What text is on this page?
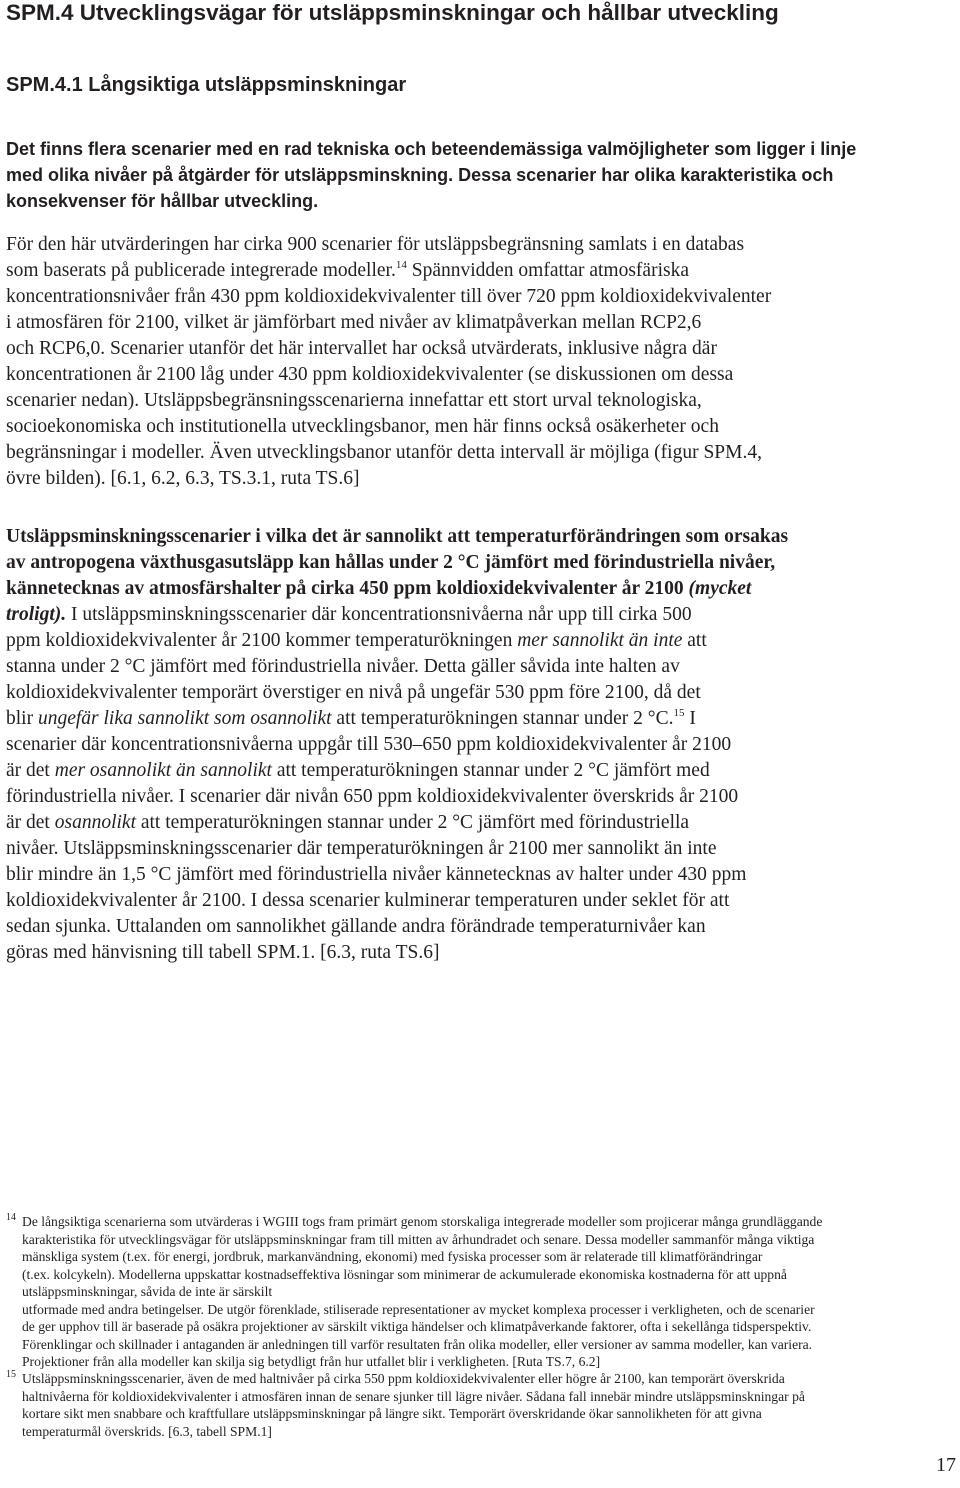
SPM.4 Utvecklingsvägar för utsläppsminskningar och hållbar utveckling
SPM.4.1 Långsiktiga utsläppsminskningar
Det finns flera scenarier med en rad tekniska och beteendemässiga valmöjligheter som ligger i linje
med olika nivåer på åtgärder för utsläppsminskning. Dessa scenarier har olika karakteristika och
konsekvenser för hållbar utveckling.
För den här utvärderingen har cirka 900 scenarier för utsläppsbegränsning samlats i en databas
som baserats på publicerade integrerade modeller.$^{14}$ Spännvidden omfattar atmosfäriska
koncentrationsnivåer från 430 ppm koldioxidekvivalenter till över 720 ppm koldioxidekvivalenter
i atmosfären för 2100, vilket är jämförbart med nivåer av klimatpåverkan mellan RCP2,6
och RCP6,0. Scenarier utanför det här intervallet har också utvärderats, inklusive några där
koncentrationen år 2100 låg under 430 ppm koldioxidekvivalenter (se diskussionen om dessa
scenarier nedan). Utsläppsbegränsningsscenarierna innefattar ett stort urval teknologiska,
socioekonomiska och institutionella utvecklingsbanor, men här finns också osäkerheter och
begränsningar i modeller. Även utvecklingsbanor utanför detta intervall är möjliga (figur SPM.4,
övre bilden). [6.1, 6.2, 6.3, TS.3.1, ruta TS.6]
Utsläppsminskningsscenarier i vilka det är sannolikt att temperaturförändringen som orsakas
av antropogena växthusgasutsläpp kan hållas under 2 °C jämfört med förindustriella nivåer,
kännetecknas av atmosfärshalter på cirka 450 ppm koldioxidekvivalenter år 2100 (mycket
troligt). I utsläppsminskningsscenarier där koncentrationsnivåerna når upp till cirka 500
ppm koldioxidekvivalenter år 2100 kommer temperaturökningen mer sannolikt än inte att
stanna under 2 °C jämfört med förindustriella nivåer. Detta gäller såvida inte halten av
koldioxidekvivalenter temporärt överstiger en nivå på ungefär 530 ppm före 2100, då det
blir ungefär lika sannolikt som osannolikt att temperaturökningen stannar under 2 °C.$^{15}$ I
scenarier där koncentrationsnivåerna uppgår till 530–650 ppm koldioxidekvivalenter år 2100
är det mer osannolikt än sannolikt att temperaturökningen stannar under 2 °C jämfört med
förindustriella nivåer. I scenarier där nivån 650 ppm koldioxidekvivalenter överskrids år 2100
är det osannolikt att temperaturökningen stannar under 2 °C jämfört med förindustriella
nivåer. Utsläppsminskningsscenarier där temperaturökningen år 2100 mer sannolikt än inte
blir mindre än 1,5 °C jämfört med förindustriella nivåer kännetecknas av halter under 430 ppm
koldioxidekvivalenter år 2100. I dessa scenarier kulminerar temperaturen under seklet för att
sedan sjunka. Uttalanden om sannolikhet gällande andra förändrade temperaturnivåer kan
göras med hänvisning till tabell SPM.1. [6.3, ruta TS.6]
14 De långsiktiga scenarierna som utvärderas i WGIII togs fram primärt genom storskaliga integrerade modeller som projicerar många grundläggande
karakteristika för utvecklingsvägar för utsläppsminskningar fram till mitten av århundradet och senare. Dessa modeller sammanför många viktiga
mänskliga system (t.ex. för energi, jordbruk, markanvändning, ekonomi) med fysiska processer som är relaterade till klimatförändringar
(t.ex. kolcykeln). Modellerna uppskattar kostnadseffektiva lösningar som minimerar de ackumulerade ekonomiska kostnaderna för att uppnå
utsläppsminskningar, såvida de inte är särskilt
utformade med andra betingelser. De utgör förenklade, stiliserade representationer av mycket komplexa processer i verkligheten, och de scenarier
de ger upphov till är baserade på osäkra projektioner av särskilt viktiga händelser och klimatpåverkande faktorer, ofta i sekellånga tidsperspektiv.
Förenklingar och skillnader i antaganden är anledningen till varför resultaten från olika modeller, eller versioner av samma modeller, kan variera.
Projektioner från alla modeller kan skilja sig betydligt från hur utfallet blir i verkligheten. [Ruta TS.7, 6.2]
15 Utsläppsminskningsscenarier, även de med haltnivåer på cirka 550 ppm koldioxidekvivalenter eller högre år 2100, kan temporärt överskrida
haltnivåerna för koldioxidekvivalenter i atmosfären innan de senare sjunker till lägre nivåer. Sådana fall innebär mindre utsläppsminskningar på
kortare sikt men snabbare och kraftfullare utsläppsminskningar på längre sikt. Temporärt överskridande ökar sannolikheten för att givna
temperaturmål överskrids. [6.3, tabell SPM.1]
17
